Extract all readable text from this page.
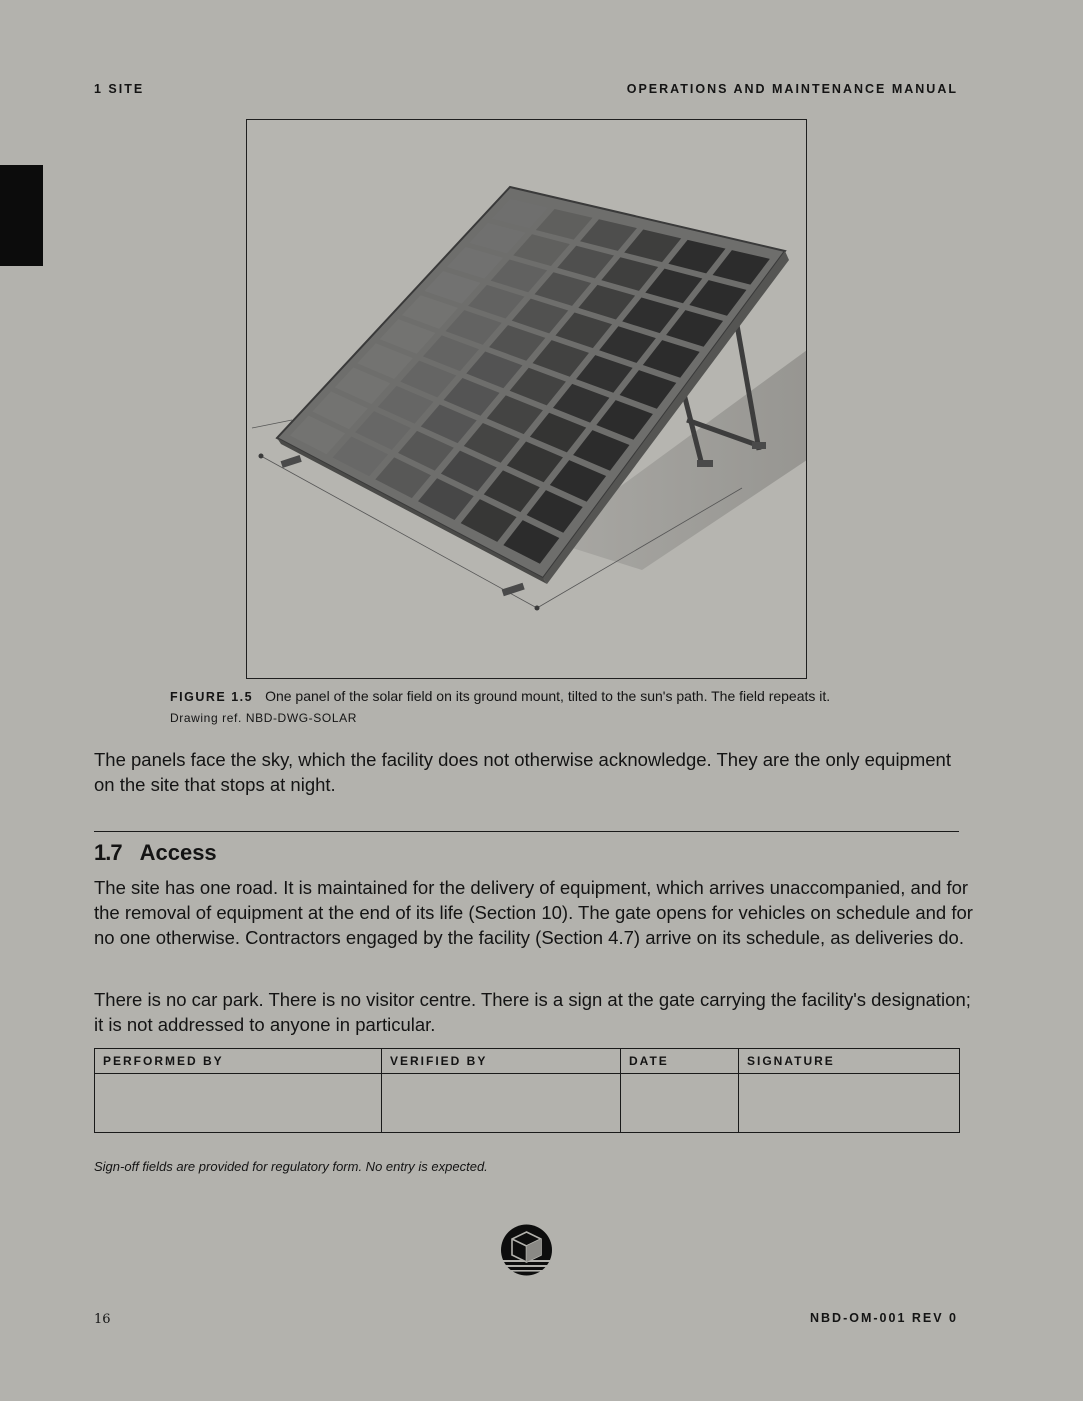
1 SITE	OPERATIONS AND MAINTENANCE MANUAL
FIGURE 1.5 One panel of the solar field on its ground mount, tilted to the sun's path. The field repeats it.
Drawing ref. NBD-DWG-SOLAR

The panels face the sky, which the facility does not otherwise acknowledge. They are the only equipment on the site that stops at night.

1.7 Access

The site has one road. It is maintained for the delivery of equipment, which arrives unaccompanied, and for the removal of equipment at the end of its life (Section 10). The gate opens for vehicles on schedule and for no one otherwise. Contractors engaged by the facility (Section 4.7) arrive on its schedule, as deliveries do.

There is no car park. There is no visitor centre. There is a sign at the gate carrying the facility's designation; it is not addressed to anyone in particular.

PERFORMED BY	VERIFIED BY	DATE	SIGNATURE

Sign-off fields are provided for regulatory form. No entry is expected.
16	NBD-OM-001 REV 0
